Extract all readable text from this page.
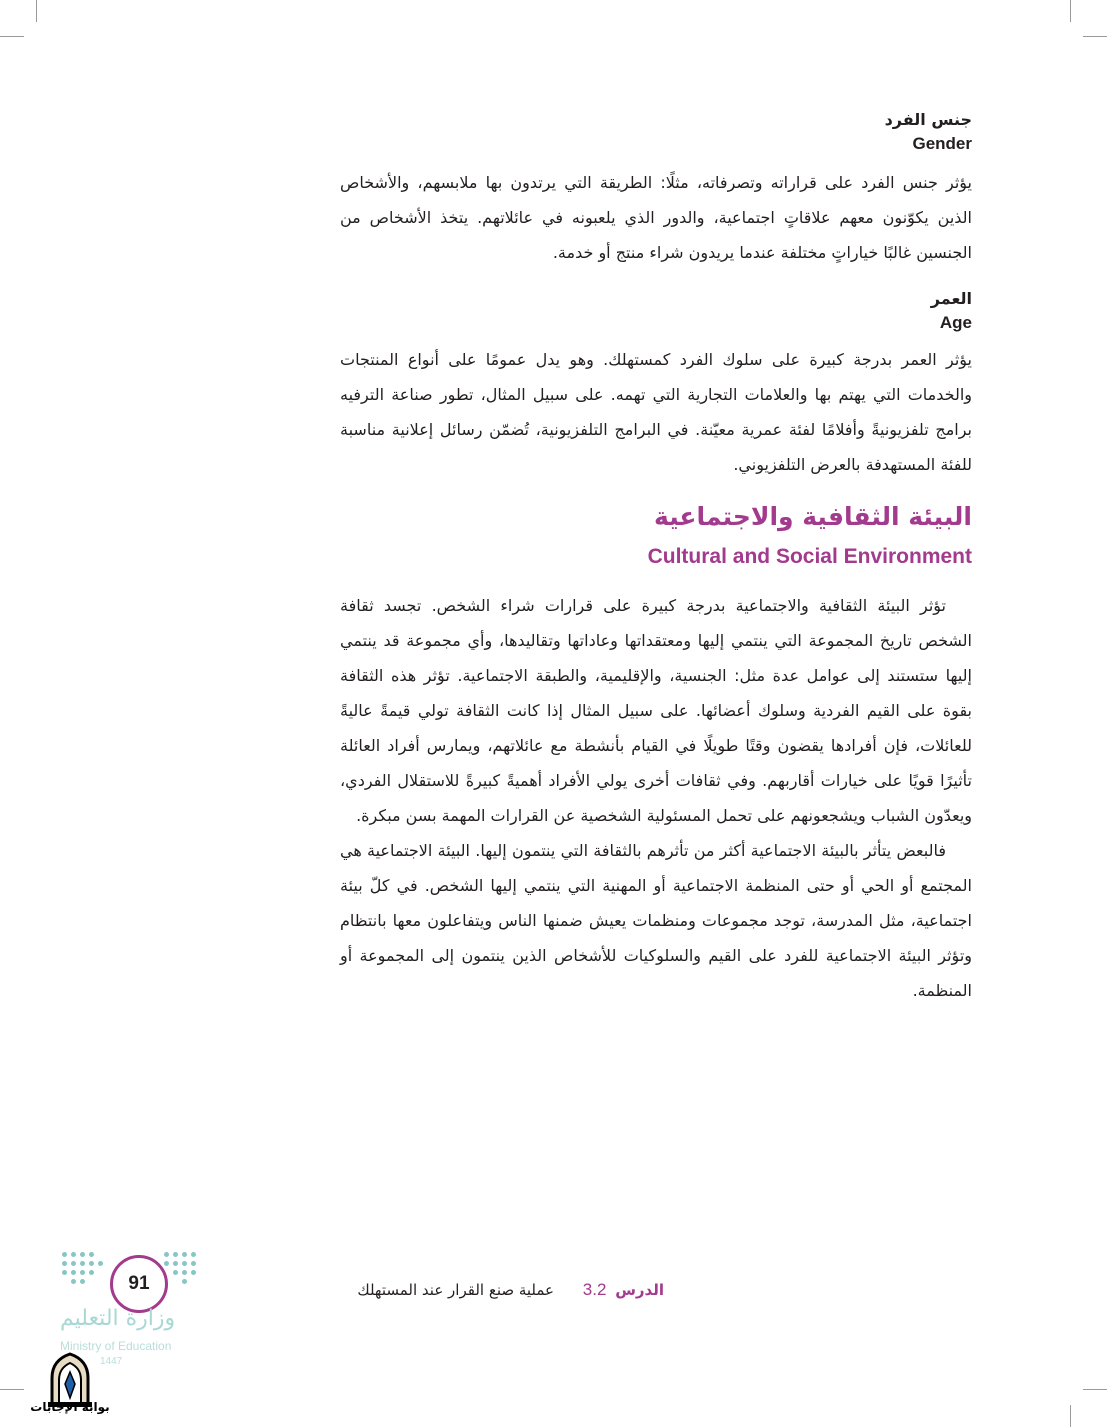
جنس الفرد
Gender

يؤثر جنس الفرد على قراراته وتصرفاته، مثلًا: الطريقة التي يرتدون بها ملابسهم، والأشخاص الذين يكوّنون معهم علاقاتٍ اجتماعية، والدور الذي يلعبونه في عائلاتهم. يتخذ الأشخاص من الجنسين غالبًا خياراتٍ مختلفة عندما يريدون شراء منتج أو خدمة.

العمر
Age

يؤثر العمر بدرجة كبيرة على سلوك الفرد كمستهلك. وهو يدل عمومًا على أنواع المنتجات والخدمات التي يهتم بها والعلامات التجارية التي تهمه. على سبيل المثال، تطور صناعة الترفيه برامج تلفزيونيةً وأفلامًا لفئة عمرية معيّنة. في البرامج التلفزيونية، تُضمّن رسائل إعلانية مناسبة للفئة المستهدفة بالعرض التلفزيوني.

البيئة الثقافية والاجتماعية
Cultural and Social Environment

تؤثر البيئة الثقافية والاجتماعية بدرجة كبيرة على قرارات شراء الشخص. تجسد ثقافة الشخص تاريخ المجموعة التي ينتمي إليها ومعتقداتها وعاداتها وتقاليدها، وأي مجموعة قد ينتمي إليها ستستند إلى عوامل عدة مثل: الجنسية، والإقليمية، والطبقة الاجتماعية. تؤثر هذه الثقافة بقوة على القيم الفردية وسلوك أعضائها. على سبيل المثال إذا كانت الثقافة تولي قيمةً عاليةً للعائلات، فإن أفرادها يقضون وقتًا طويلًا في القيام بأنشطة مع عائلاتهم، ويمارس أفراد العائلة تأثيرًا قويًا على خيارات أقاربهم. وفي ثقافات أخرى يولي الأفراد أهميةً كبيرةً للاستقلال الفردي، ويعدّون الشباب ويشجعونهم على تحمل المسئولية الشخصية عن القرارات المهمة بسن مبكرة.

فالبعض يتأثر بالبيئة الاجتماعية أكثر من تأثرهم بالثقافة التي ينتمون إليها. البيئة الاجتماعية هي المجتمع أو الحي أو حتى المنظمة الاجتماعية أو المهنية التي ينتمي إليها الشخص. في كلّ بيئة اجتماعية، مثل المدرسة، توجد مجموعات ومنظمات يعيش ضمنها الناس ويتفاعلون معها بانتظام وتؤثر البيئة الاجتماعية للفرد على القيم والسلوكيات للأشخاص الذين ينتمون إلى المجموعة أو المنظمة.

الدرس 3.2 عملية صنع القرار عند المستهلك
91
وزارة التعليم
Ministry of Education
1447
بوابة الإجابات
